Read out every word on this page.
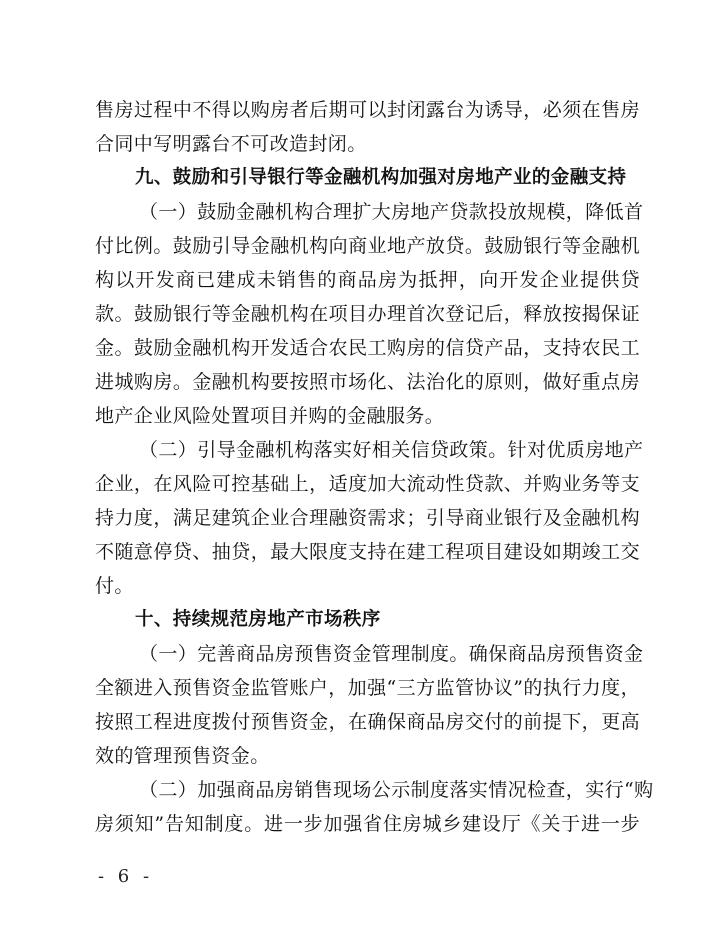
售房过程中不得以购房者后期可以封闭露台为诱导，必须在售房
合同中写明露台不可改造封闭。
九、鼓励和引导银行等金融机构加强对房地产业的金融支持
（一）鼓励金融机构合理扩大房地产贷款投放规模，降低首
付比例。鼓励引导金融机构向商业地产放贷。鼓励银行等金融机
构以开发商已建成未销售的商品房为抵押，向开发企业提供贷
款。鼓励银行等金融机构在项目办理首次登记后，释放按揭保证
金。鼓励金融机构开发适合农民工购房的信贷产品，支持农民工
进城购房。金融机构要按照市场化、法治化的原则，做好重点房
地产企业风险处置项目并购的金融服务。
（二）引导金融机构落实好相关信贷政策。针对优质房地产
企业，在风险可控基础上，适度加大流动性贷款、并购业务等支
持力度，满足建筑企业合理融资需求；引导商业银行及金融机构
不随意停贷、抽贷，最大限度支持在建工程项目建设如期竣工交
付。
十、持续规范房地产市场秩序
（一）完善商品房预售资金管理制度。确保商品房预售资金
全额进入预售资金监管账户，加强“三方监管协议”的执行力度，
按照工程进度拨付预售资金，在确保商品房交付的前提下，更高
效的管理预售资金。
（二）加强商品房销售现场公示制度落实情况检查，实行“购
房须知”告知制度。进一步加强省住房城乡建设厅《关于进一步
- 6 -
